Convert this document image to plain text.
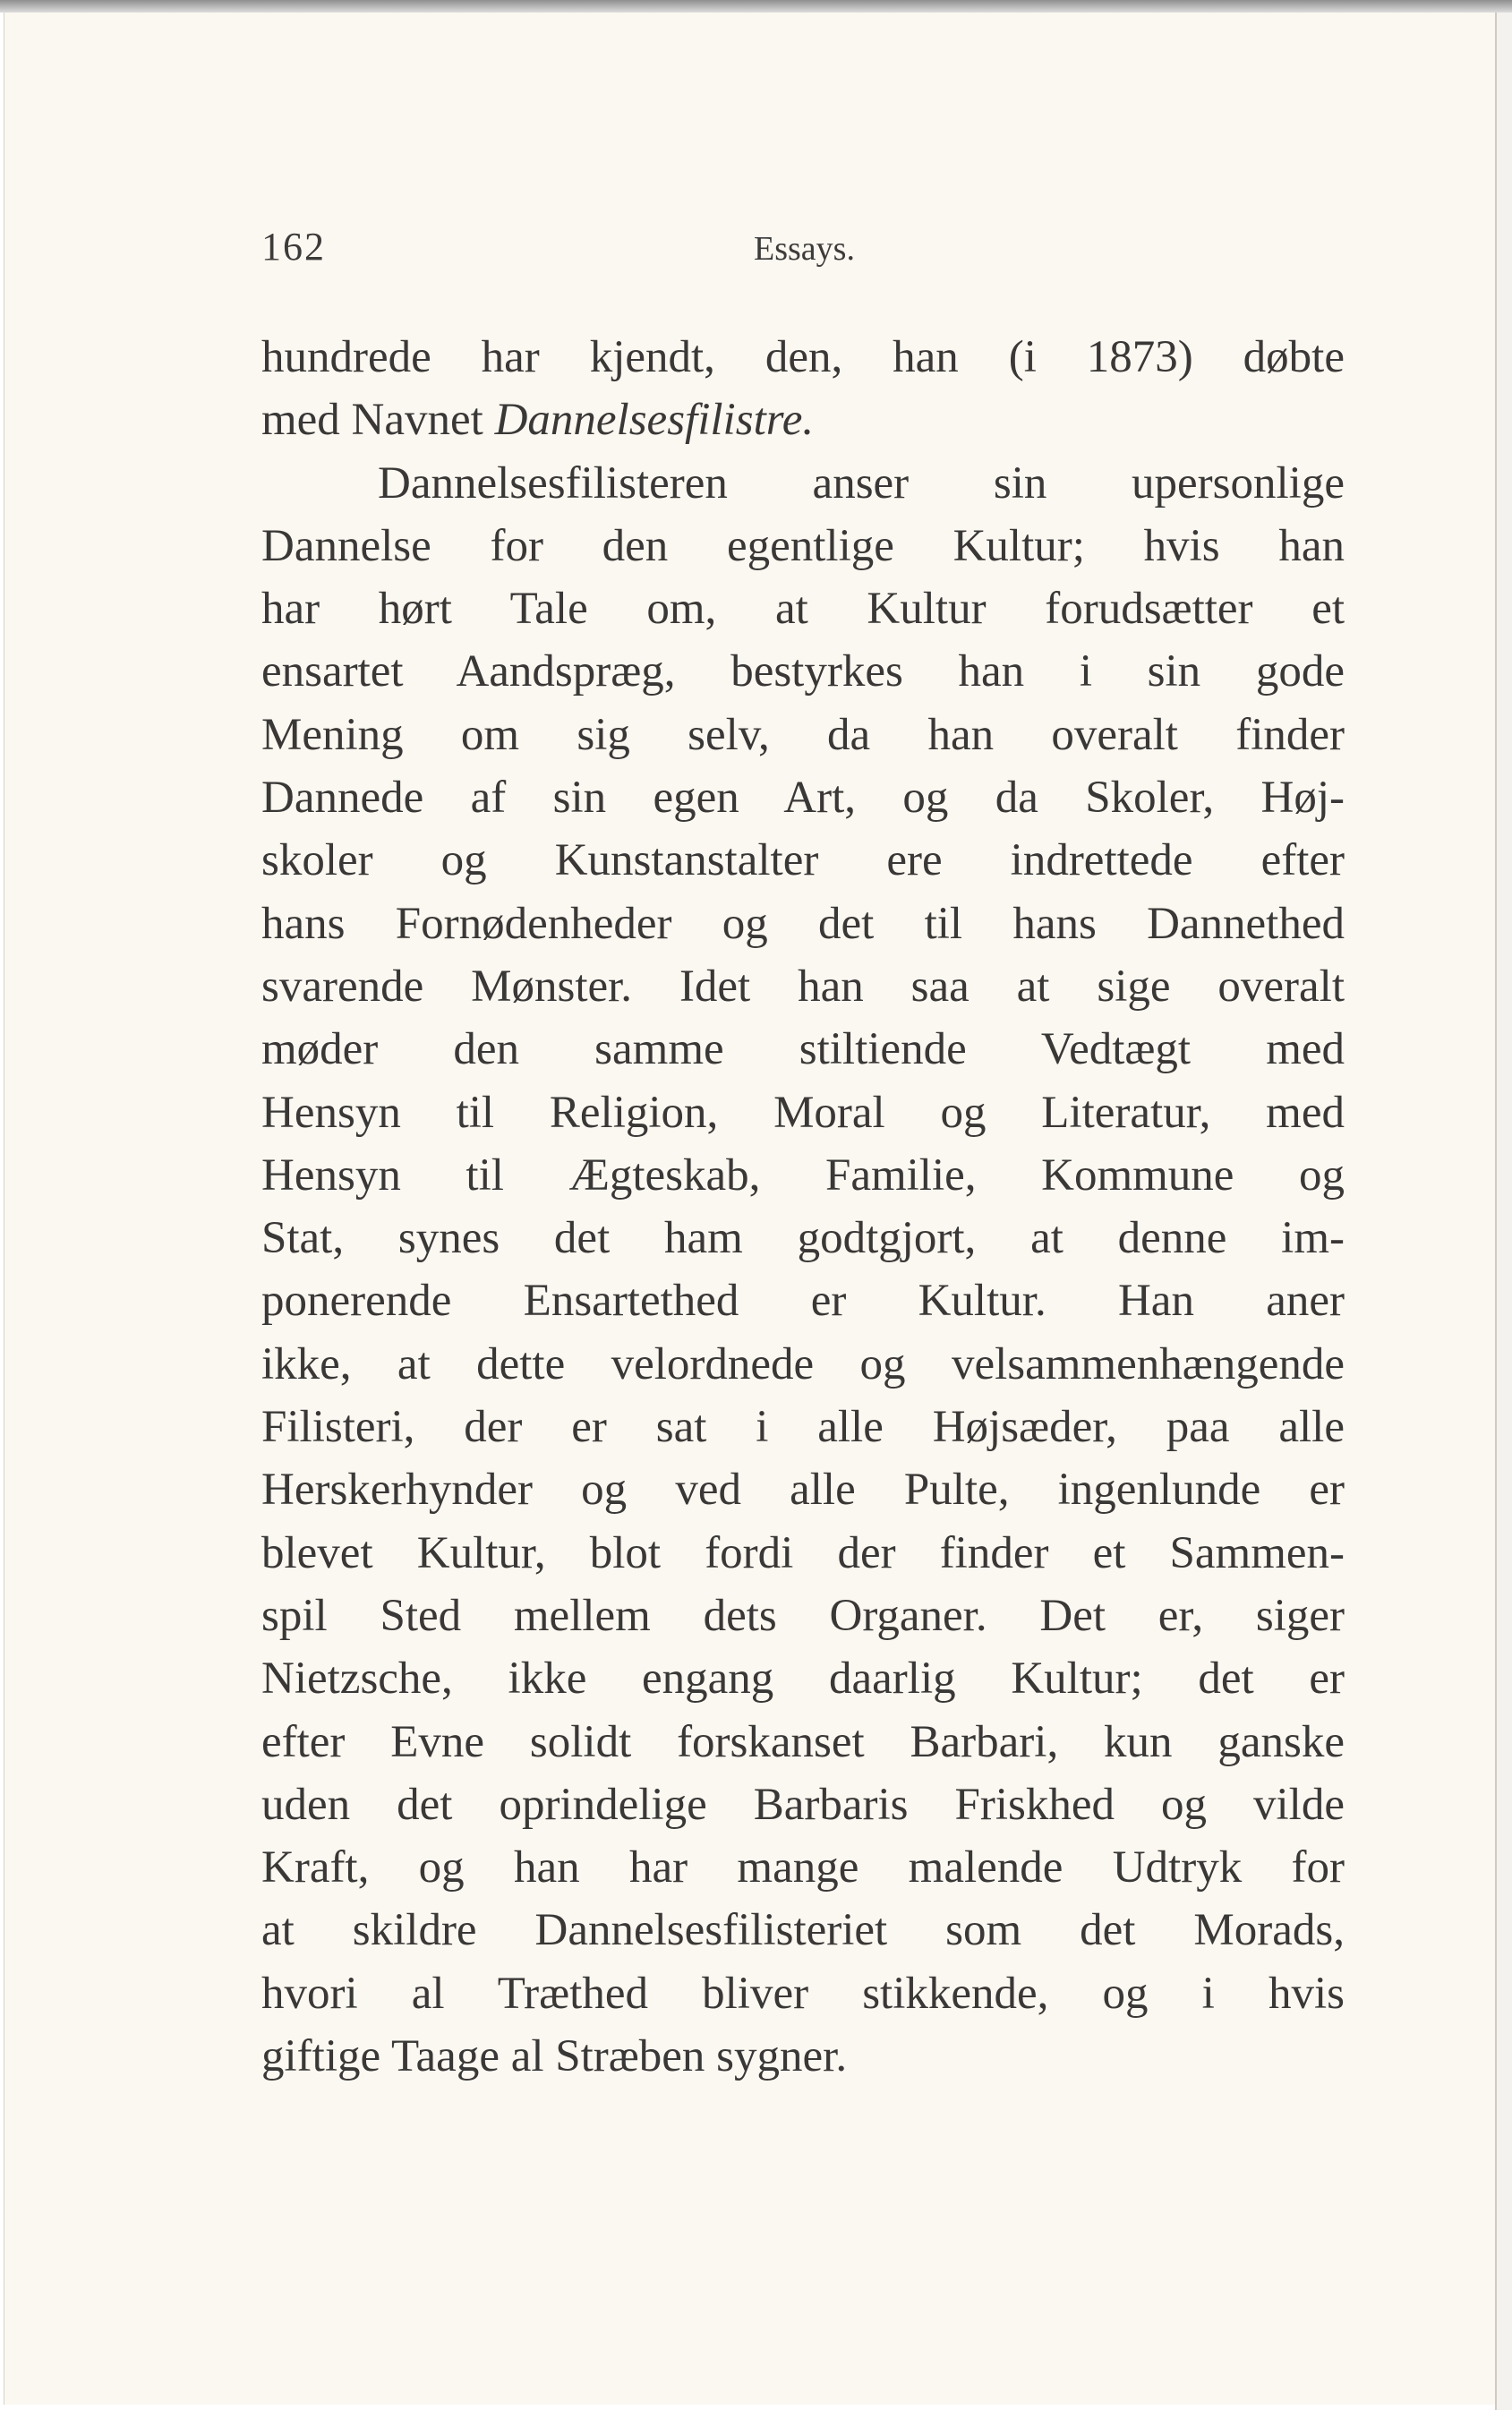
162	Essays.
hundrede har kjendt, den, han (i 1873) døbte
med Navnet Dannelsesfilistre.
Dannelsesfilisteren anser sin upersonlige
Dannelse for den egentlige Kultur; hvis han
har hørt Tale om, at Kultur forudsætter et
ensartet Aandspræg, bestyrkes han i sin gode
Mening om sig selv, da han overalt finder
Dannede af sin egen Art, og da Skoler, Høj-
skoler og Kunstanstalter ere indrettede efter
hans Fornødenheder og det til hans Dannethed
svarende Mønster. Idet han saa at sige overalt
møder den samme stiltiende Vedtægt med
Hensyn til Religion, Moral og Literatur, med
Hensyn til Ægteskab, Familie, Kommune og
Stat, synes det ham godtgjort, at denne im-
ponerende Ensartethed er Kultur. Han aner
ikke, at dette velordnede og velsammenhængende
Filisteri, der er sat i alle Højsæder, paa alle
Herskerhynder og ved alle Pulte, ingenlunde er
blevet Kultur, blot fordi der finder et Sammen-
spil Sted mellem dets Organer. Det er, siger
Nietzsche, ikke engang daarlig Kultur; det er
efter Evne solidt forskanset Barbari, kun ganske
uden det oprindelige Barbaris Friskhed og vilde
Kraft, og han har mange malende Udtryk for
at skildre Dannelsesfilisteriet som det Morads,
hvori al Træthed bliver stikkende, og i hvis
giftige Taage al Stræben sygner.
